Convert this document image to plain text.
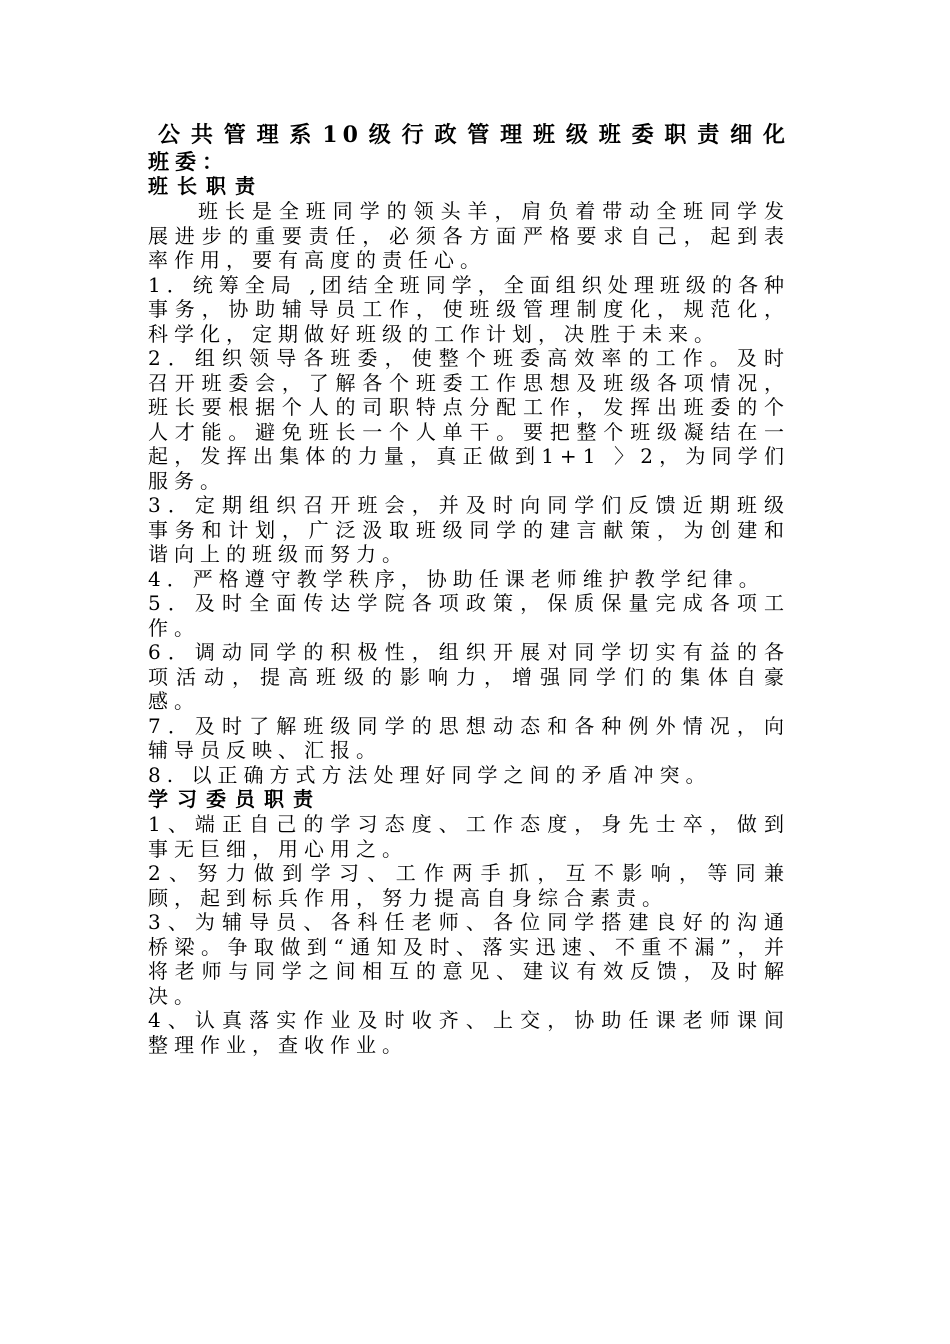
公共管理系10级行政管理班级班委职责细化

班委：

班长职责

班长是全班同学的领头羊，肩负着带动全班同学发展进步的重要责任，必须各方面严格要求自己，起到表率作用，要有高度的责任心。

1．统筹全局 ,团结全班同学，全面组织处理班级的各种事务，协助辅导员工作，使班级管理制度化，规范化，科学化，定期做好班级的工作计划，决胜于未来。

2．组织领导各班委，使整个班委高效率的工作。及时召开班委会，了解各个班委工作思想及班级各项情况，班长要根据个人的司职特点分配工作，发挥出班委的个人才能。避免班长一个人单干。要把整个班级凝结在一起，发挥出集体的力量，真正做到1+1 〉2，为同学们服务。

3．定期组织召开班会，并及时向同学们反馈近期班级事务和计划，广泛汲取班级同学的建言献策，为创建和谐向上的班级而努力。

4．严格遵守教学秩序，协助任课老师维护教学纪律。

5．及时全面传达学院各项政策，保质保量完成各项工作。

6．调动同学的积极性，组织开展对同学切实有益的各项活动，提高班级的影响力，增强同学们的集体自豪感。

7．及时了解班级同学的思想动态和各种例外情况，向辅导员反映、汇报。

8. 以正确方式方法处理好同学之间的矛盾冲突。

学习委员职责

1、端正自己的学习态度、工作态度，身先士卒，做到事无巨细，用心用之。

2、努力做到学习、工作两手抓，互不影响，等同兼顾，起到标兵作用，努力提高自身综合素责。

3、为辅导员、各科任老师、各位同学搭建良好的沟通桥梁。争取做到“通知及时、落实迅速、不重不漏”，并将老师与同学之间相互的意见、建议有效反馈，及时解决。

4、认真落实作业及时收齐、上交，协助任课老师课间整理作业，查收作业。
